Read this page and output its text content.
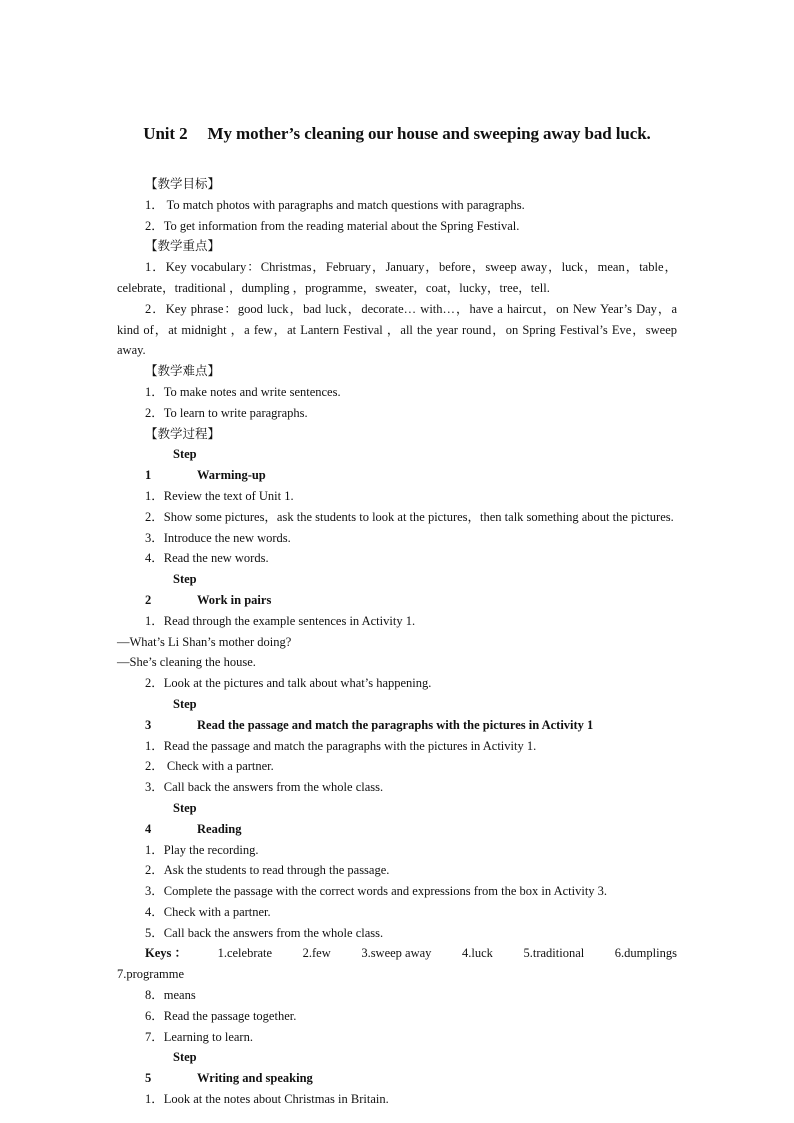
Unit 2 My mother’s cleaning our house and sweeping away bad luck.

【教学目标】

1． To match photos with paragraphs and match questions with paragraphs.

2．To get information from the reading material about the Spring Festival.

【教学重点】

1．Key vocabulary：Christmas，February，January，before，sweep away，luck，mean，table，celebrate，traditional ，dumpling ，programme，sweater，coat，lucky，tree，tell.

2．Key phrase：good luck，bad luck，decorate… with…，have a haircut，on New Year’s Day，a kind of，at midnight ，a few，at Lantern Festival ，all the year round，on Spring Festival’s Eve，sweep away.

【教学难点】

1．To make notes and write sentences.

2．To learn to write paragraphs.

【教学过程】

Step 1	Warming-up

1．Review the text of Unit 1.

2．Show some pictures，ask the students to look at the pictures，then talk something about the pictures.

3．Introduce the new words.

4．Read the new words.

Step 2	Work in pairs

1．Read through the example sentences in Activity 1.

—What’s Li Shan’s mother doing?

—She’s cleaning the house.

2．Look at the pictures and talk about what’s happening.

Step 3	Read the passage and match the paragraphs with the pictures in Activity 1

1．Read the passage and match the paragraphs with the pictures in Activity 1.

2． Check with a partner.

3．Call back the answers from the whole class.

Step 4	Reading

1．Play the recording.

2．Ask the students to read through the passage.

3．Complete the passage with the correct words and expressions from the box in Activity 3.

4．Check with a partner.

5．Call back the answers from the whole class.

Keys ： 1.celebrate 2.few 3.sweep away 4.luck 5.traditional 6.dumplings

7.programme

8．means

6．Read the passage together.

7．Learning to learn.

Step 5	Writing and speaking

1．Look at the notes about Christmas in Britain.
